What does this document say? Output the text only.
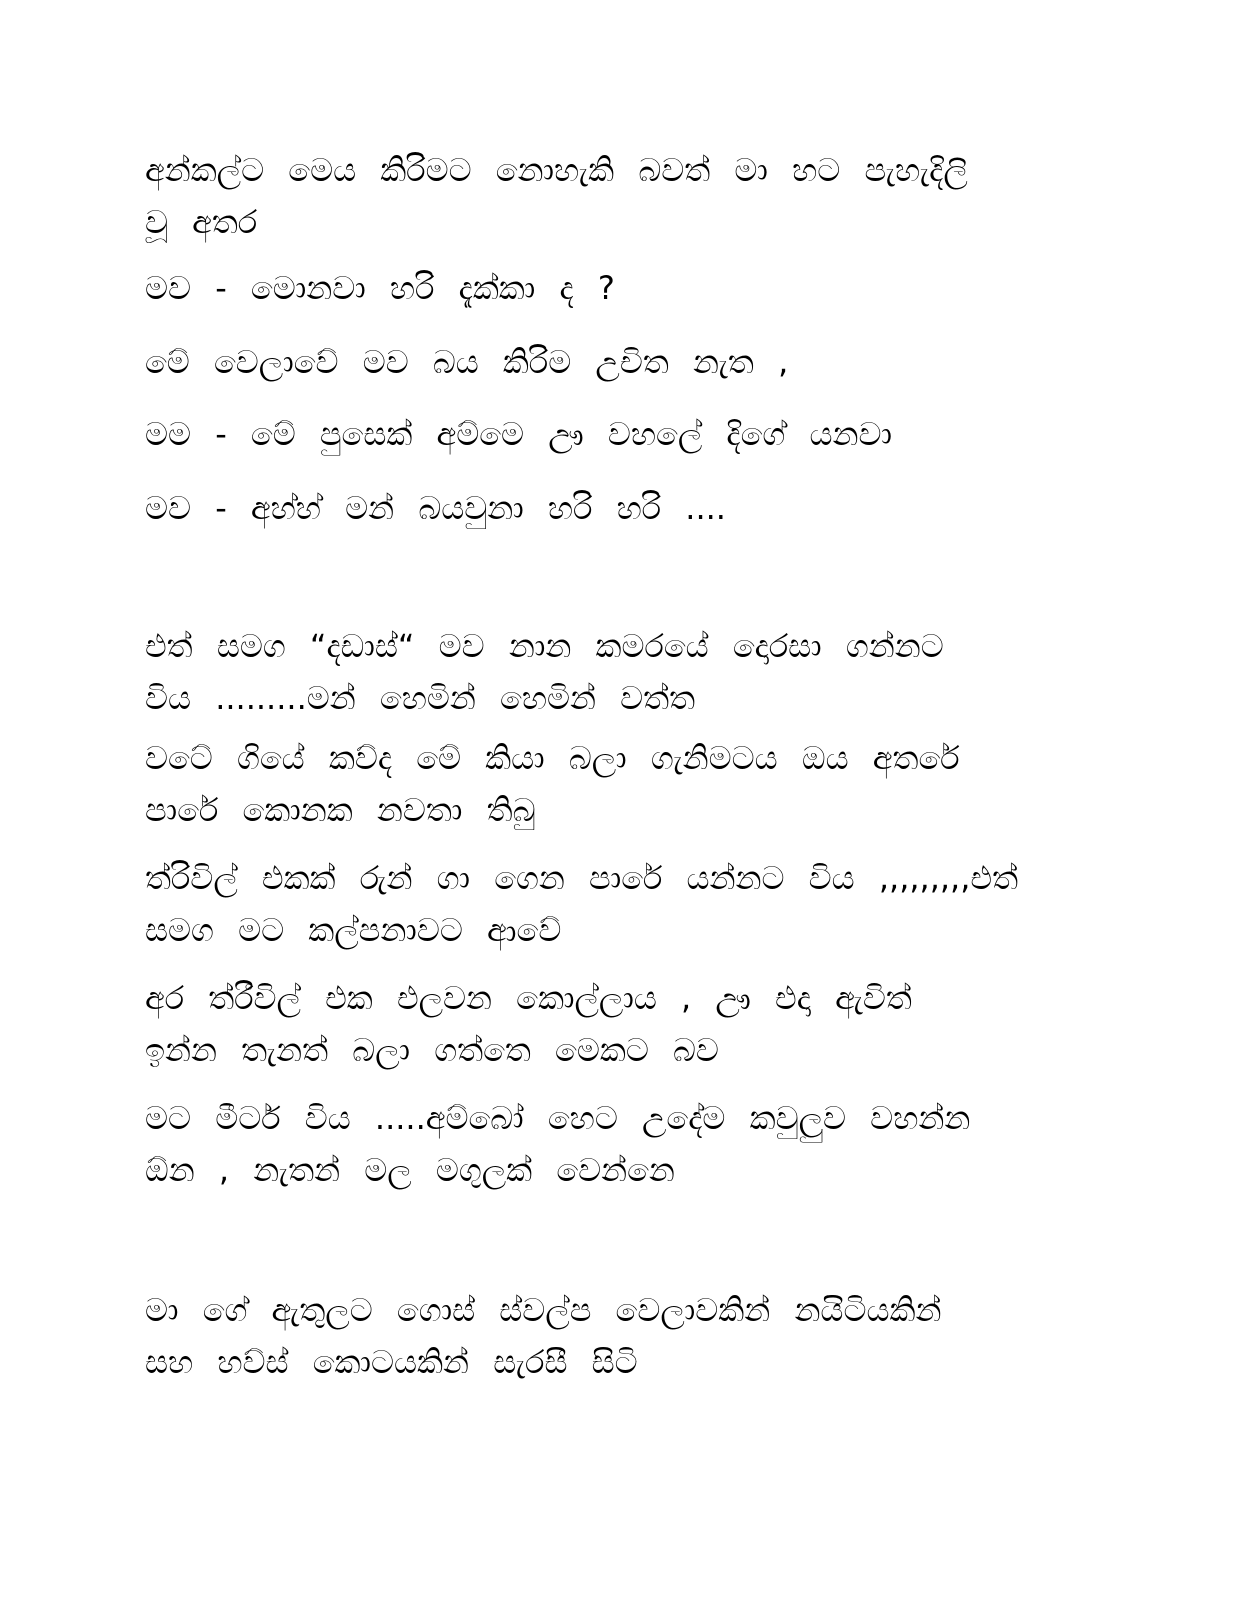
අන්කල්ට මෙය කිරිමට නොහැකි බවත් මා හට පැහැදිලි
වූ අතර
මව - මොනවා හරි දැක්කා ද ?
මේ වෙලාවේ මව බය කිරිම උචිත නැත ,
මම - මේ පුසෙක් අම්මෙ ඌ වහලේ දිගේ යනවා
මව - අහ්හ් මන් බයවුනා හරි හරි ....
එත් සමග “දඩාස්“ මව නාන කමරයේ දොරසා ගන්නට
විය .........මන් හෙමින් හෙමින් වත්ත
වටේ ගියේ කව්ද මේ කියා බලා ගැනිමටය ඔය අතරේ
පාරේ කොනක නවතා තිබු
ත්රිවිල් එකක් රුන් ගා ගෙන පාරේ යන්නට විය ,,,,,,,,,එත්
සමග මට කල්පනාවට ආවේ
අර ත්රීවිල් එක එලවන කොල්ලාය , ඌ එදා ඇවිත්
ඉන්න තැනත් බලා ගත්තෙ මෙකට බව
මට මීටර් විය .....අම්බෝ හෙට උදේම කවුලුව වහන්න
ඕන , නැතන් මල මගුලක් වෙන්නෙ
මා ගේ ඇතුලට ගොස් ස්වල්ප වෙලාවකින් නයිටියකින්
සහ හව්ස් කොටයකින් සැරසී සිටි
